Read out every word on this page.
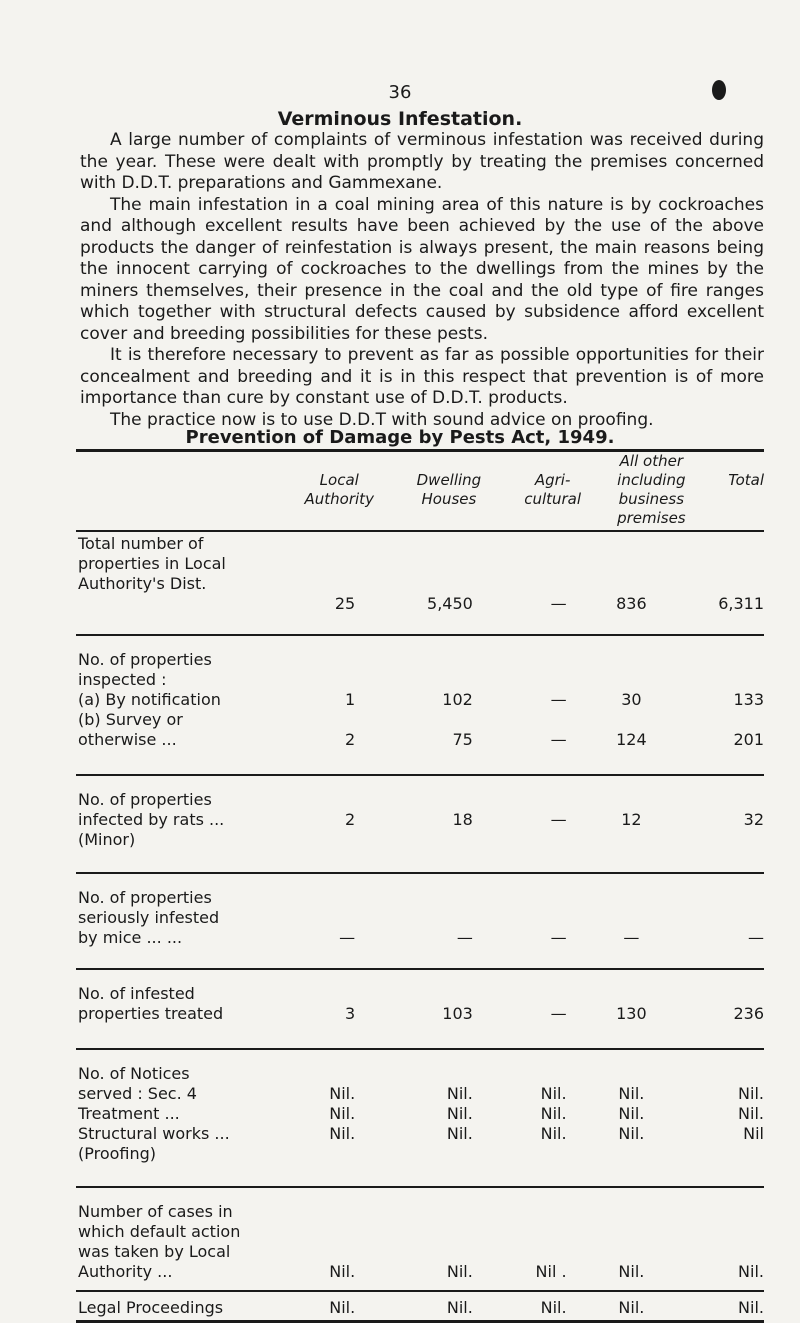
36
Verminous Infestation.

A large number of complaints of verminous infestation was received during the year. These were dealt with promptly by treating the premises concerned with D.D.T. preparations and Gammexane.

The main infestation in a coal mining area of this nature is by cockroaches and although excellent results have been achieved by the use of the above products the danger of reinfestation is always present, the main reasons being the innocent carrying of cockroaches to the dwellings from the mines by the miners themselves, their presence in the coal and the old type of fire ranges which together with structural defects caused by subsidence afford excellent cover and breeding possibilities for these pests.

It is therefore necessary to prevent as far as possible opportunities for their concealment and breeding and it is in this respect that prevention is of more importance than cure by constant use of D.D.T. products.

The practice now is to use D.D.T with sound advice on proofing.

Prevention of Damage by Pests Act, 1949.
Local
Authority

Dwelling
Houses

Agri-
cultural

All other
including
business
premises
Total
Total number of
properties in Local
Authority's Dist.
25	5,450	—	836	6,311
No. of properties
inspected :
(a) By notification	1	102	—	30	133
(b) Survey or
otherwise ...	2	75	—	124	201
No. of properties
infected by rats ...	2	18	—	12	32
(Minor)
No. of properties
seriously infested
by mice ... ...	—	—	—	—	—
No. of infested
properties treated	3	103	—	130	236
No. of Notices
served : Sec. 4	Nil.	Nil.	Nil.	Nil.	Nil.
Treatment ...	Nil.	Nil.	Nil.	Nil.	Nil.
Structural works ...	Nil.	Nil.	Nil.	Nil.	Nil
(Proofing)
Number of cases in
which default action
was taken by Local
Authority ...	Nil.	Nil.	Nil .	Nil.	Nil.
Legal Proceedings	Nil.	Nil.	Nil.	Nil.	Nil.
